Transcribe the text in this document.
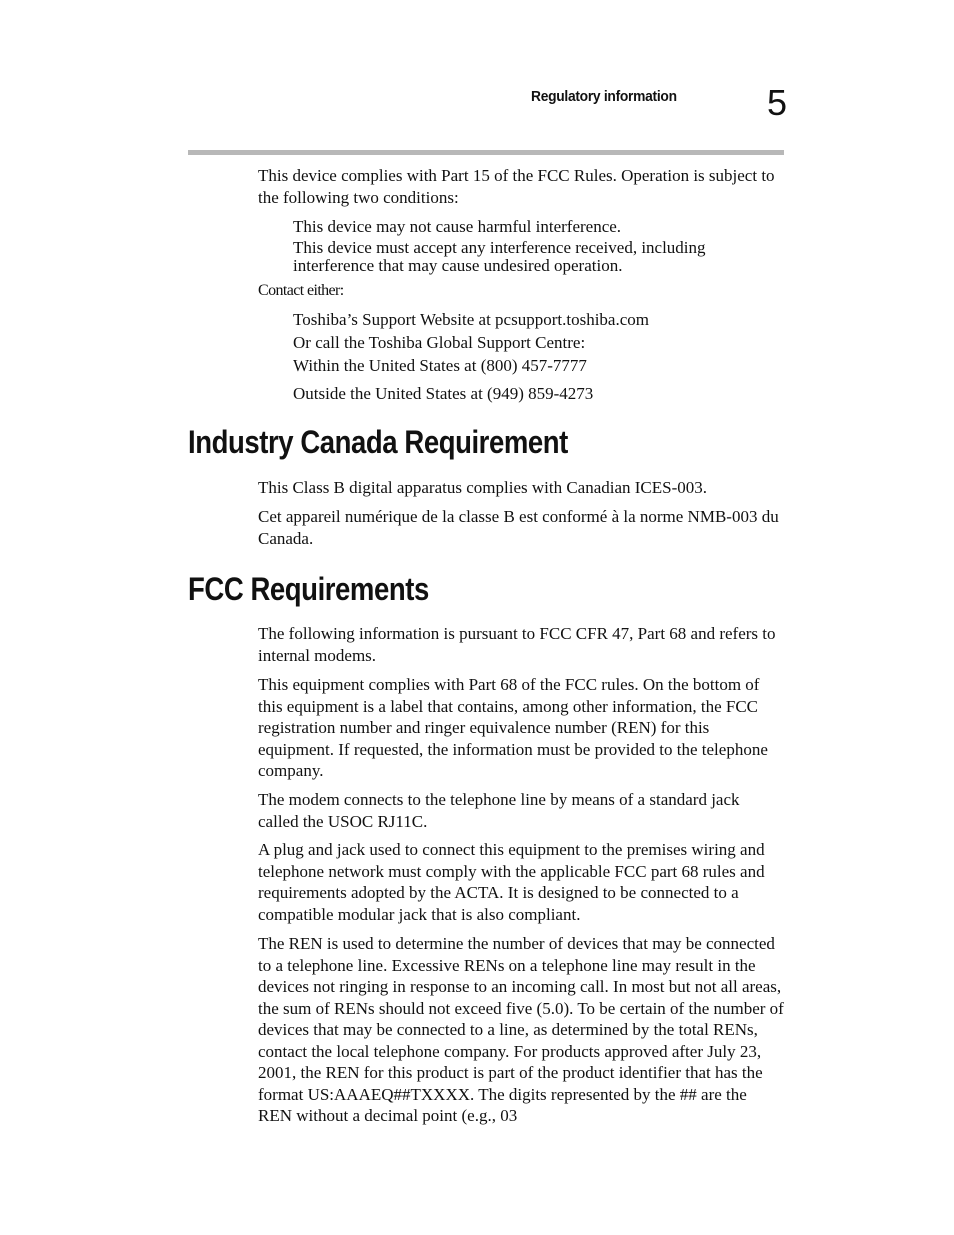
Regulatory information	5

This device complies with Part 15 of the FCC Rules. Operation is subject to the following two conditions:

This device may not cause harmful interference.

This device must accept any interference received, including interference that may cause undesired operation.

Contact either:

Toshiba’s Support Website at pcsupport.toshiba.com

Or call the Toshiba Global Support Centre:

Within the United States at (800) 457-7777

Outside the United States at (949) 859-4273

Industry Canada Requirement

This Class B digital apparatus complies with Canadian ICES-003.

Cet appareil numérique de la classe B est conformé à la norme NMB-003 du Canada.

FCC Requirements

The following information is pursuant to FCC CFR 47, Part 68 and refers to internal modems.

This equipment complies with Part 68 of the FCC rules. On the bottom of this equipment is a label that contains, among other information, the FCC registration number and ringer equivalence number (REN) for this equipment. If requested, the information must be provided to the telephone company.

The modem connects to the telephone line by means of a standard jack called the USOC RJ11C.

A plug and jack used to connect this equipment to the premises wiring and telephone network must comply with the applicable FCC part 68 rules and requirements adopted by the ACTA. It is designed to be connected to a compatible modular jack that is also compliant.

The REN is used to determine the number of devices that may be connected to a telephone line. Excessive RENs on a telephone line may result in the devices not ringing in response to an incoming call. In most but not all areas, the sum of RENs should not exceed five (5.0). To be certain of the number of devices that may be connected to a line, as determined by the total RENs, contact the local telephone company. For products approved after July 23, 2001, the REN for this product is part of the product identifier that has the format US:AAAEQ##TXXXX. The digits represented by the ## are the REN without a decimal point (e.g., 03
